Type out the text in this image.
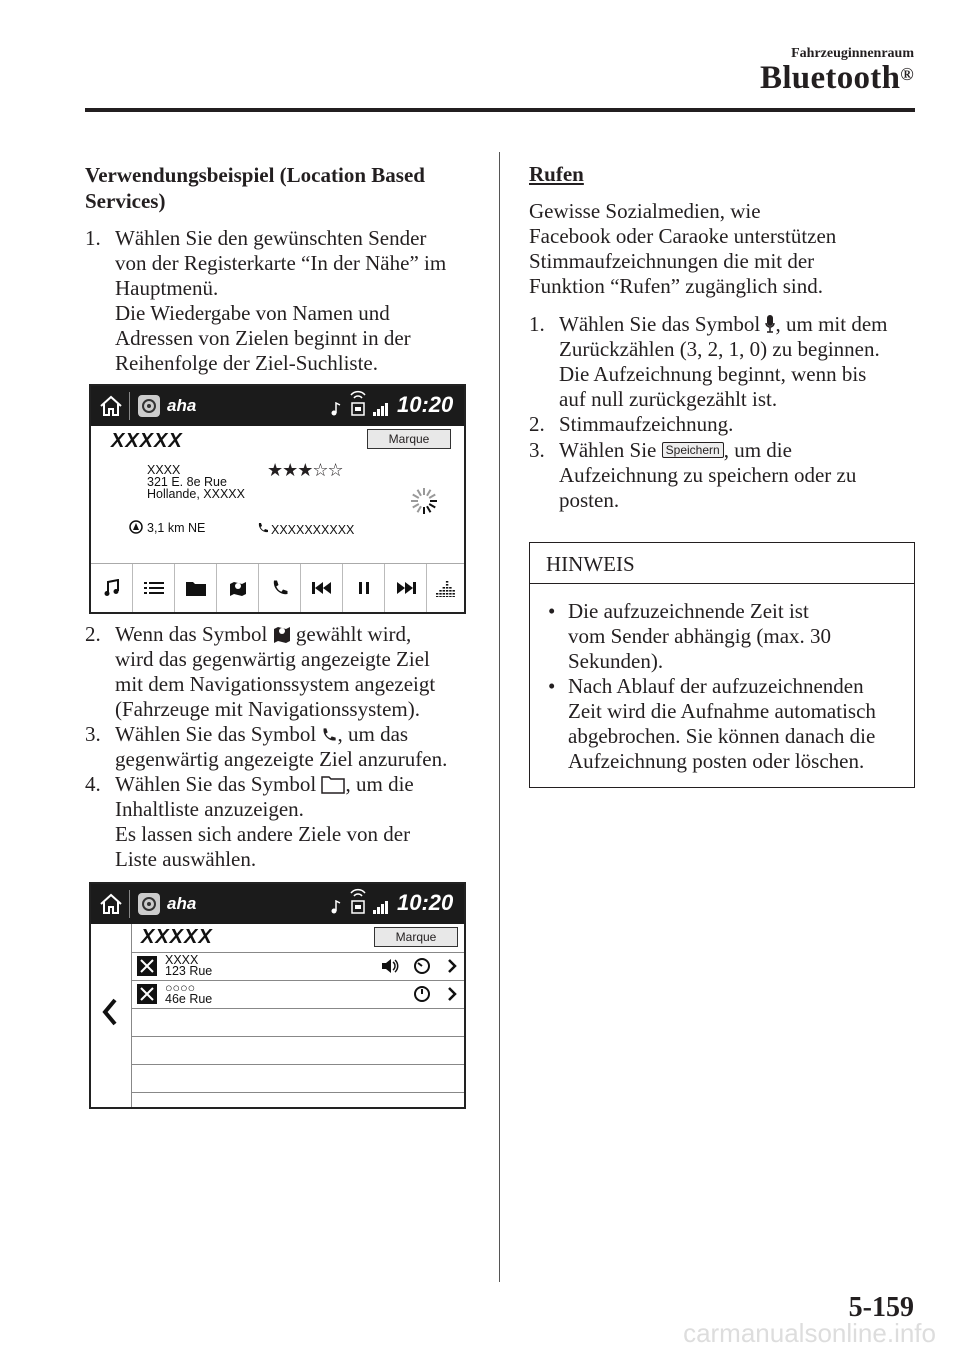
Fahrzeuginnenraum
Bluetooth®
Verwendungsbeispiel (Location Based
Services)
1. Wählen Sie den gewünschten Sender
von der Registerkarte “In der Nähe” im
Hauptmenü.
Die Wiedergabe von Namen und
Adressen von Zielen beginnt in der
Reihenfolge der Ziel-Suchliste.
aha	10:20
XXXXX	Marque
XXXX
321 E. 8e Rue
Hollande, XXXXX
★★★☆☆
3,1 km NE	XXXXXXXXXX
2. Wenn das Symbol  gewählt wird,
wird das gegenwärtig angezeigte Ziel
mit dem Navigationssystem angezeigt
(Fahrzeuge mit Navigationssystem).
3. Wählen Sie das Symbol , um das
gegenwärtig angezeigte Ziel anzurufen.
4. Wählen Sie das Symbol , um die
Inhaltliste anzuzeigen.
Es lassen sich andere Ziele von der
Liste auswählen.
aha	10:20
XXXXX	Marque
XXXX
123 Rue
○○○○
46e Rue
Rufen
Gewisse Sozialmedien, wie
Facebook oder Caraoke unterstützen
Stimmaufzeichnungen die mit der
Funktion “Rufen” zugänglich sind.
1. Wählen Sie das Symbol , um mit dem
Zurückzählen (3, 2, 1, 0) zu beginnen.
Die Aufzeichnung beginnt, wenn bis
auf null zurückgezählt ist.
2. Stimmaufzeichnung.
3. Wählen Sie Speichern , um die
Aufzeichnung zu speichern oder zu
posten.
HINWEIS
• Die aufzuzeichnende Zeit ist
vom Sender abhängig (max. 30
Sekunden).
• Nach Ablauf der aufzuzeichnenden
Zeit wird die Aufnahme automatisch
abgebrochen. Sie können danach die
Aufzeichnung posten oder löschen.
5-159
carmanualsonline.info
